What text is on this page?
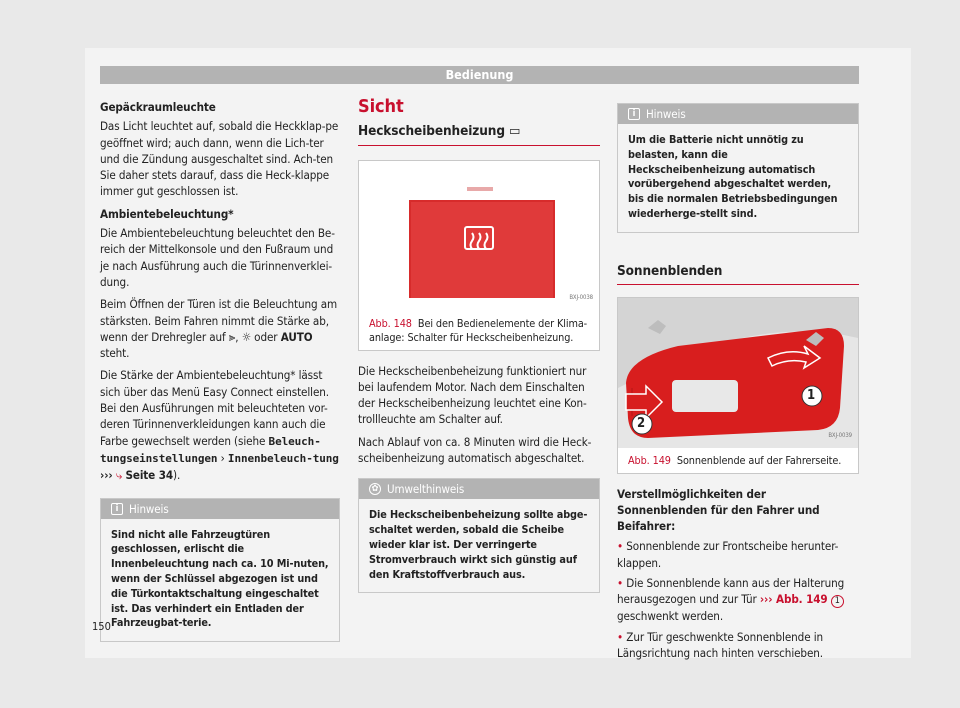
Bedienung

Gepäckraumleuchte

Das Licht leuchtet auf, sobald die Heckklap-pe geöffnet wird; auch dann, wenn die Lich-ter und die Zündung ausgeschaltet sind. Ach-ten Sie daher stets darauf, dass die Heck-klappe immer gut geschlossen ist.

Ambientebeleuchtung*

Die Ambientebeleuchtung beleuchtet den Be-reich der Mittelkonsole und den Fußraum und je nach Ausführung auch die Türinnenverklei-dung.

Beim Öffnen der Türen ist die Beleuchtung am stärksten. Beim Fahren nimmt die Stärke ab, wenn der Drehregler auf ⫸, ☼ oder AUTO steht.

Die Stärke der Ambientebeleuchtung* lässt sich über das Menü Easy Connect einstellen. Bei den Ausführungen mit beleuchteten vor-deren Türinnenverkleidungen kann auch die Farbe gewechselt werden (siehe Beleuch-tungseinstellungen › Innenbeleuch-tung ››› ⤷ Seite 34).

i Hinweis
Sind nicht alle Fahrzeugtüren geschlossen, erlischt die Innenbeleuchtung nach ca. 10 Mi-nuten, wenn der Schlüssel abgezogen ist und die Türkontaktschaltung eingeschaltet ist. Das verhindert ein Entladen der Fahrzeugbat-terie.
Sicht
Heckscheibenheizung ▭
BXJ-0038
Abb. 148 Bei den Bedienelemente der Klima-anlage: Schalter für Heckscheibenheizung.

Die Heckscheibenbeheizung funktioniert nur bei laufendem Motor. Nach dem Einschalten der Heckscheibenheizung leuchtet eine Kon-trollleuchte am Schalter auf.

Nach Ablauf von ca. 8 Minuten wird die Heck-scheibenheizung automatisch abgeschaltet.

✿ Umwelthinweis
Die Heckscheibenbeheizung sollte abge-schaltet werden, sobald die Scheibe wieder klar ist. Der verringerte Stromverbrauch wirkt sich günstig auf den Kraftstoffverbrauch aus.
i Hinweis
Um die Batterie nicht unnötig zu belasten, kann die Heckscheibenheizung automatisch vorübergehend abgeschaltet werden, bis die normalen Betriebsbedingungen wiederherge-stellt sind.
Sonnenblenden
1
2
BXJ-0039
Abb. 149 Sonnenblende auf der Fahrerseite.

Verstellmöglichkeiten der Sonnenblenden für den Fahrer und Beifahrer:

• Sonnenblende zur Frontscheibe herunter-klappen.

• Die Sonnenblende kann aus der Halterung herausgezogen und zur Tür ››› Abb. 149 1 geschwenkt werden.

• Zur Tür geschwenkte Sonnenblende in Längsrichtung nach hinten verschieben.

150
